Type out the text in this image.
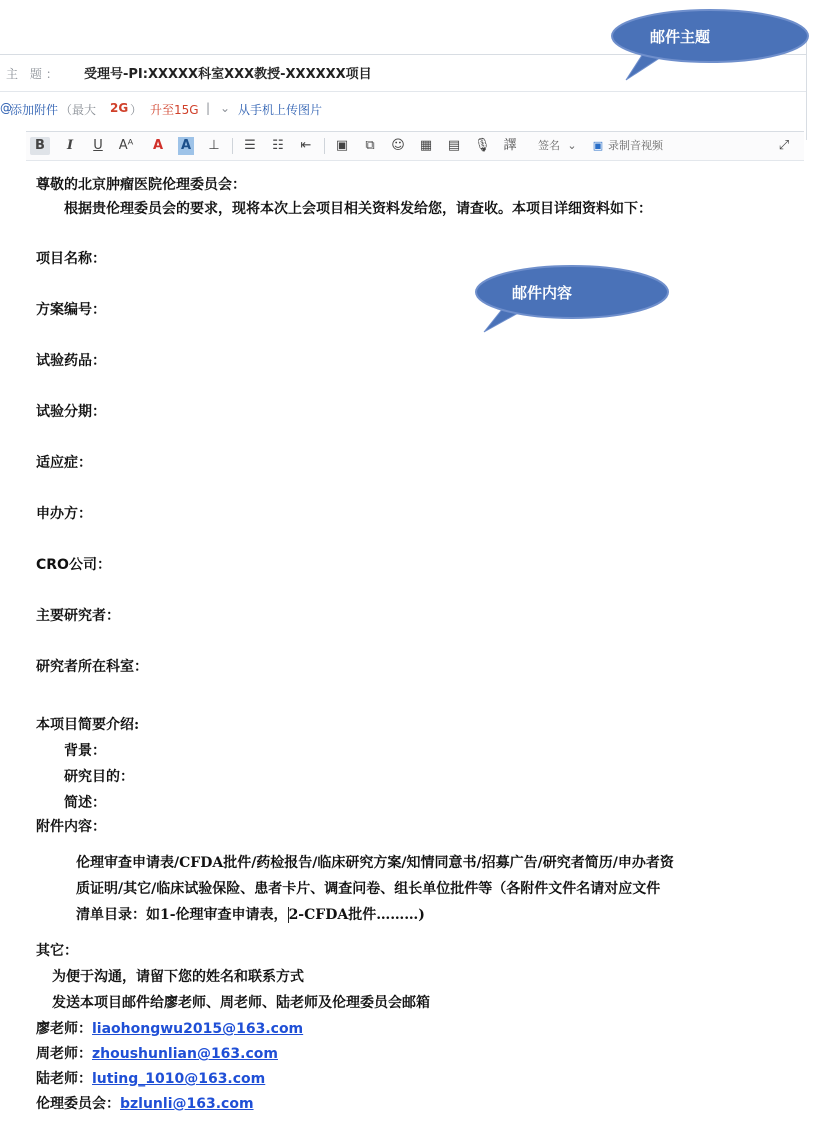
主 题： 受理号-PI:XXXXX科室XXX教授-XXXXXX项目
@
添加附件 （最大 2G ） 升至15G | ⌄ 从手机上传图片
B	I	U Aᴬ A A ⊥ ☰ ☷ ⇤ ▣ ⧉ ☺ ▦ ▤ 🎙 譯 签名 ⌄	▣ 录制音视频	⤢
邮件主题
邮件内容
尊敬的北京肿瘤医院伦理委员会：
根据贵伦理委员会的要求，现将本次上会项目相关资料发给您，请查收。本项目详细资料如下：
项目名称：
方案编号：
试验药品：
试验分期：
适应症：
申办方：
CRO公司：
主要研究者：
研究者所在科室：
本项目简要介绍:
背景：
研究目的：
简述：
附件内容：
伦理审查申请表/CFDA批件/药检报告/临床研究方案/知情同意书/招募广告/研究者简历/申办者资
质证明/其它/临床试验保险、患者卡片、调查问卷、组长单位批件等（各附件文件名请对应文件
清单目录：如1-伦理审查申请表，2-CFDA批件………)
其它：
为便于沟通，请留下您的姓名和联系方式
发送本项目邮件给廖老师、周老师、陆老师及伦理委员会邮箱
廖老师：liaohongwu2015@163.com
周老师：zhoushunlian@163.com
陆老师：luting_1010@163.com
伦理委员会：bzlunli@163.com
